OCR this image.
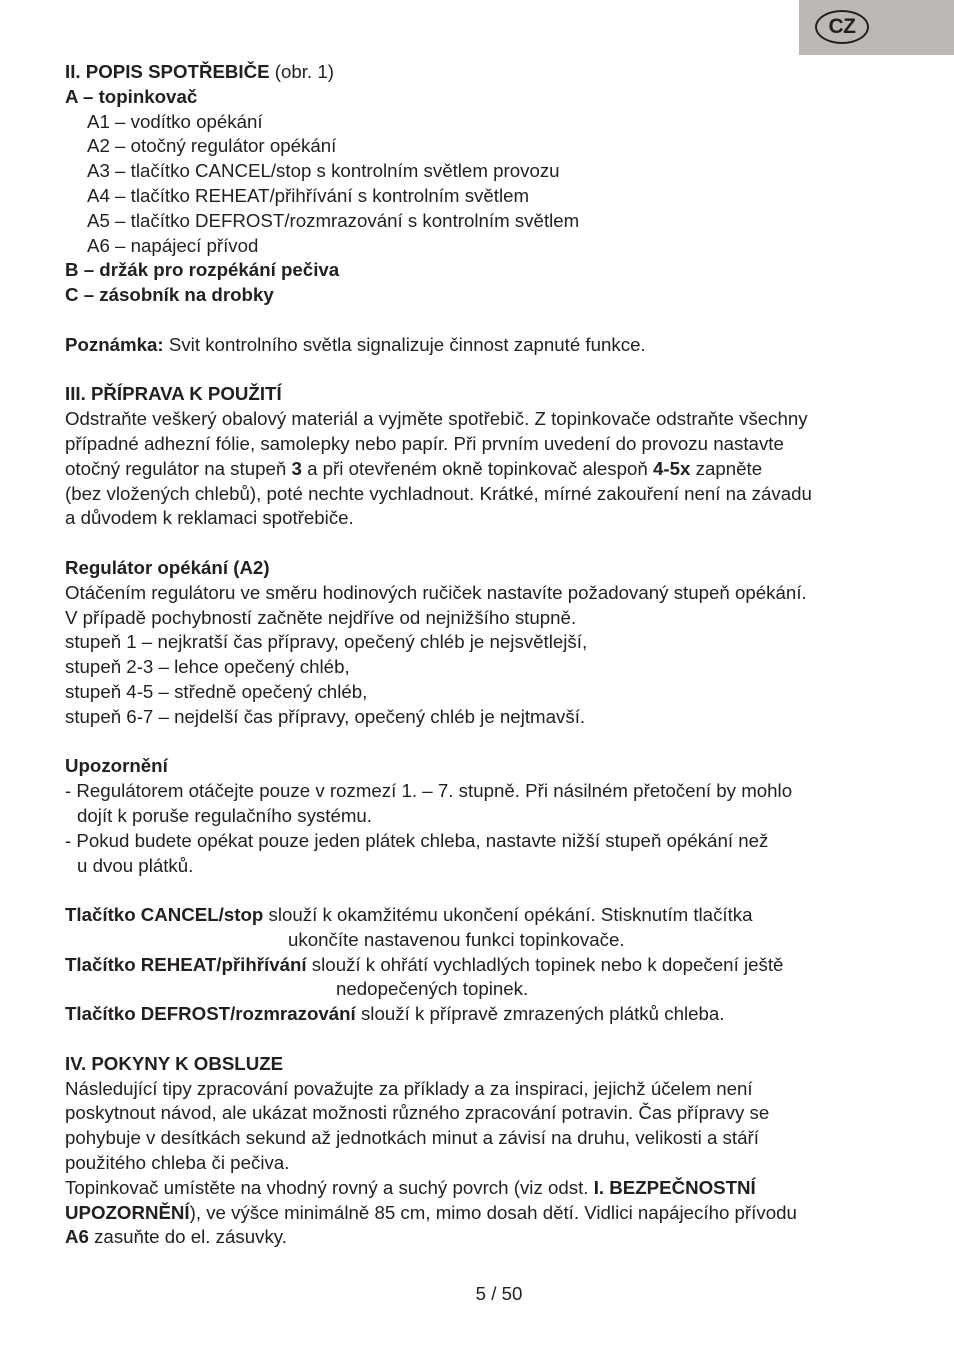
CZ
II. POPIS SPOTŘEBIČE (obr. 1)
A – topinkovač
A1 – vodítko opékání
A2 – otočný regulátor opékání
A3 – tlačítko CANCEL/stop s kontrolním světlem provozu
A4 – tlačítko REHEAT/přihřívání s kontrolním světlem
A5 – tlačítko DEFROST/rozmrazování s kontrolním světlem
A6 – napájecí přívod
B – držák pro rozpékání pečiva
C – zásobník na drobky
Poznámka: Svit kontrolního světla signalizuje činnost zapnuté funkce.
III. PŘÍPRAVA K POUŽITÍ
Odstraňte veškerý obalový materiál a vyjměte spotřebič. Z topinkovače odstraňte všechny
případné adhezní fólie, samolepky nebo papír. Při prvním uvedení do provozu nastavte
otočný regulátor na stupeň 3 a při otevřeném okně topinkovač alespoň 4-5x zapněte
(bez vložených chlebů), poté nechte vychladnout. Krátké, mírné zakouření není na závadu
a důvodem k reklamaci spotřebiče.
Regulátor opékání (A2)
Otáčením regulátoru ve směru hodinových ručiček nastavíte požadovaný stupeň opékání.
V případě pochybností začněte nejdříve od nejnižšího stupně.
stupeň 1 – nejkratší čas přípravy, opečený chléb je nejsvětlejší,
stupeň 2-3 – lehce opečený chléb,
stupeň 4-5 – středně opečený chléb,
stupeň 6-7 – nejdelší čas přípravy, opečený chléb je nejtmavší.
Upozornění
- Regulátorem otáčejte pouze v rozmezí 1. – 7. stupně. Při násilném přetočení by mohlo
dojít k poruše regulačního systému.
- Pokud budete opékat pouze jeden plátek chleba, nastavte nižší stupeň opékání než
u dvou plátků.
Tlačítko CANCEL/stop slouží k okamžitému ukončení opékání. Stisknutím tlačítka
ukončíte nastavenou funkci topinkovače.
Tlačítko REHEAT/přihřívání slouží k ohřátí vychladlých topinek nebo k dopečení ještě
nedopečených topinek.
Tlačítko DEFROST/rozmrazování slouží k přípravě zmrazených plátků chleba.
IV. POKYNY K OBSLUZE
Následující tipy zpracování považujte za příklady a za inspiraci, jejichž účelem není
poskytnout návod, ale ukázat možnosti různého zpracování potravin. Čas přípravy se
pohybuje v desítkách sekund až jednotkách minut a závisí na druhu, velikosti a stáří
použitého chleba či pečiva.
Topinkovač umístěte na vhodný rovný a suchý povrch (viz odst. I. BEZPEČNOSTNÍ
UPOZORNĚNÍ), ve výšce minimálně 85 cm, mimo dosah dětí. Vidlici napájecího přívodu
A6 zasuňte do el. zásuvky.
5 / 50
